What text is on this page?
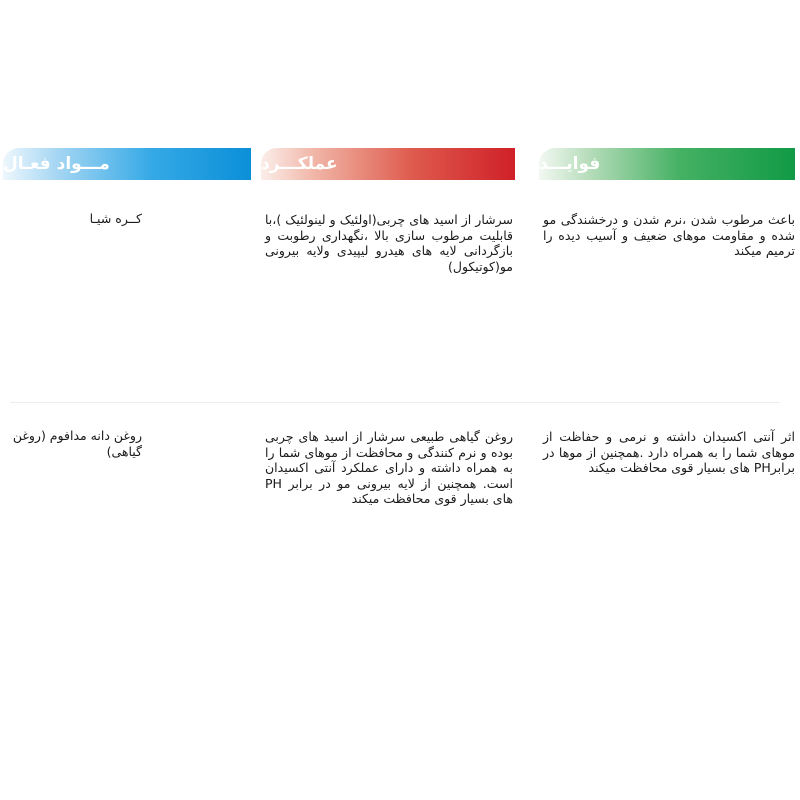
فوایـــد
عملکـــرد
مـــواد فعـال

باعث مرطوب شدن ،نرم شدن و درخشندگی مو شده و مقاومت موهای ضعیف و آسیب دیده را ترمیم میکند

سرشار از اسید های چربی(اولئیک و لینولئیک )،با قابلیت مرطوب سازی بالا ،نگهداری رطوبت و بازگردانی لایه های هیدرو لیپیدی ولایه بیرونی مو(کوتیکول)

کــره شیـا

اثر آنتی اکسیدان داشته و نرمی و حفاظت از موهای شما را به همراه دارد .همچنین از موها در برابرPH های بسیار قوی محافظت میکند

روغن گیاهی طبیعی سرشار از اسید های چربی بوده و نرم کنندگی و محافظت از موهای شما را به همراه داشته و دارای عملکرد آنتی اکسیدان است. همچنین از لایه بیرونی مو در برابر PH های بسیار قوی محافظت میکند

روغن دانه مدافوم (روغن گیاهی)
